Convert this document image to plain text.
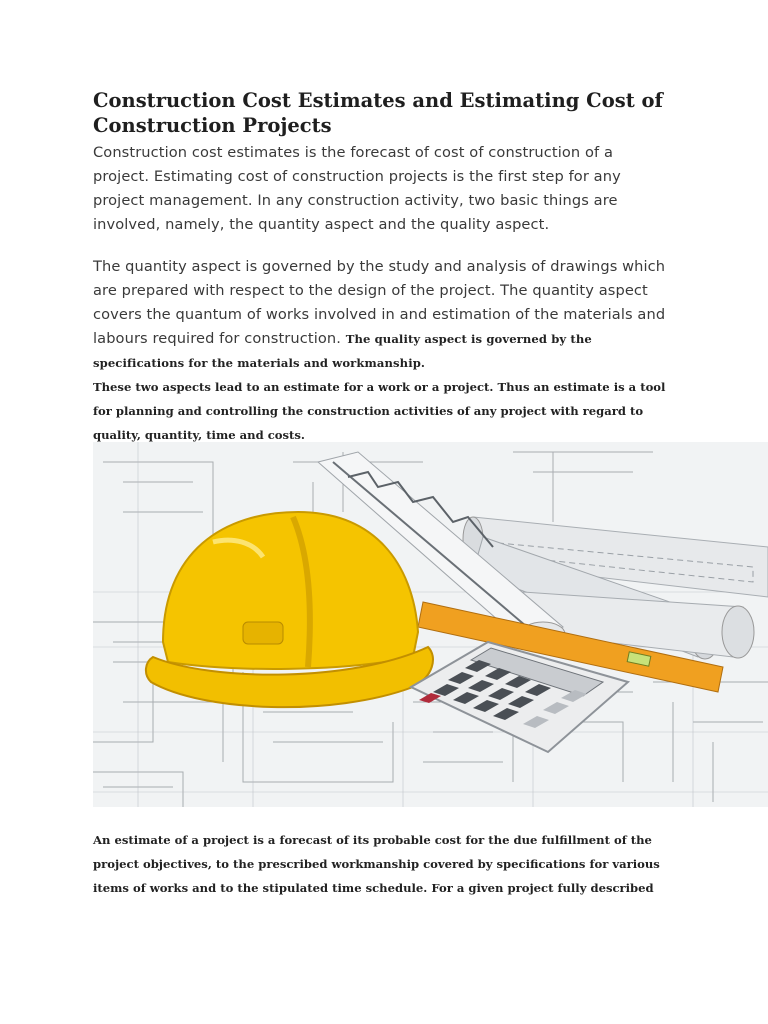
Construction Cost Estimates and Estimating Cost of Construction Projects

Construction cost estimates is the forecast of cost of construction of a project. Estimating cost of construction projects is the first step for any project management. In any construction activity, two basic things are involved, namely, the quantity aspect and the quality aspect.

The quantity aspect is governed by the study and analysis of drawings which are prepared with respect to the design of the project. The quantity aspect covers the quantum of works involved in and estimation of the materials and labours required for construction. The quality aspect is governed by the specifications for the materials and workmanship.

These two aspects lead to an estimate for a work or a project. Thus an estimate is a tool for planning and controlling the construction activities of any project with regard to quality, quantity, time and costs.

An estimate of a project is a forecast of its probable cost for the due fulfillment of the project objectives, to the prescribed workmanship covered by specifications for various items of works and to the stipulated time schedule. For a given project fully described
